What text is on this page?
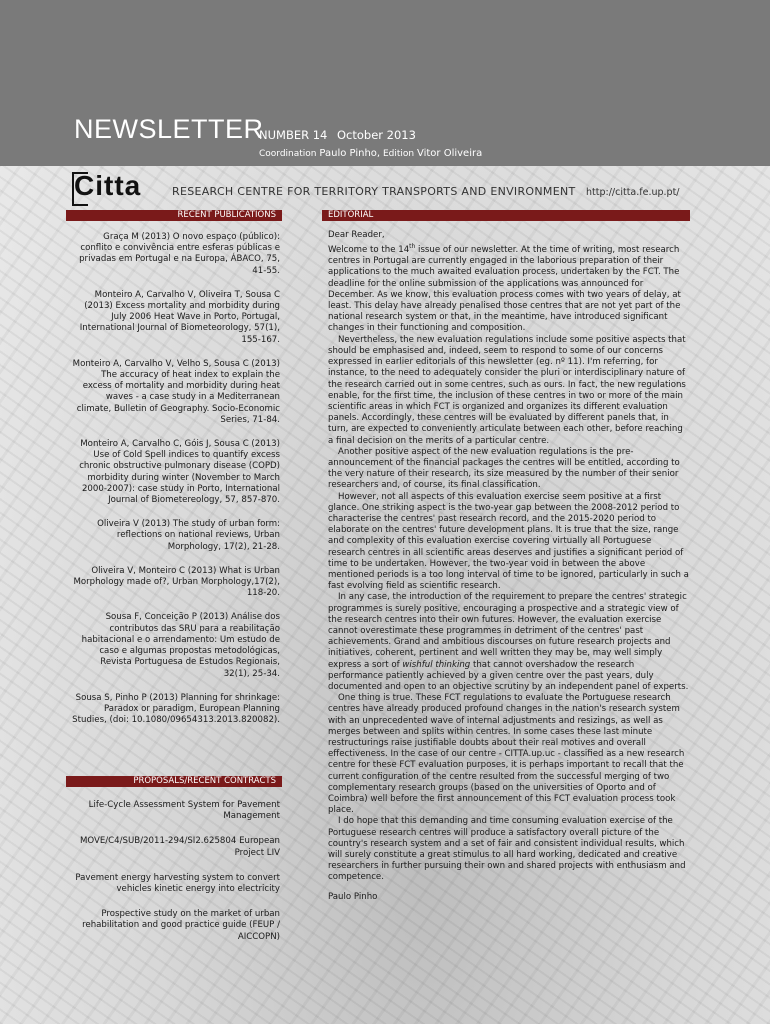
NEWSLETTER
NUMBER 14 October 2013
Coordination Paulo Pinho, Edition Vitor Oliveira
Citta	RESEARCH CENTRE FOR TERRITORY TRANSPORTS AND ENVIRONMENT http://citta.fe.up.pt/
RECENT PUBLICATIONS	EDITORIAL

Graça M (2013) O novo espaço (público): conflito e convivência entre esferas públicas e privadas em Portugal e na Europa, ÁBACO, 75, 41-55.

Monteiro A, Carvalho V, Oliveira T, Sousa C (2013) Excess mortality and morbidity during July 2006 Heat Wave in Porto, Portugal, International Journal of Biometeorology, 57(1), 155-167.

Monteiro A, Carvalho V, Velho S, Sousa C (2013) The accuracy of heat index to explain the excess of mortality and morbidity during heat waves - a case study in a Mediterranean climate, Bulletin of Geography. Socio-Economic Series, 71-84.

Monteiro A, Carvalho C, Góis J, Sousa C (2013) Use of Cold Spell indices to quantify excess chronic obstructive pulmonary disease (COPD) morbidity during winter (November to March 2000-2007): case study in Porto, International Journal of Biometereology, 57, 857-870.

Oliveira V (2013) The study of urban form: reflections on national reviews, Urban Morphology, 17(2), 21-28.

Oliveira V, Monteiro C (2013) What is Urban Morphology made of?, Urban Morphology,17(2), 118-20.

Sousa F, Conceição P (2013) Análise dos contributos das SRU para a reabilitação habitacional e o arrendamento: Um estudo de caso e algumas propostas metodológicas, Revista Portuguesa de Estudos Regionais, 32(1), 25-34.

Sousa S, Pinho P (2013) Planning for shrinkage: Paradox or paradigm, European Planning Studies, (doi: 10.1080/09654313.2013.820082).

PROPOSALS/RECENT CONTRACTS

Life-Cycle Assessment System for Pavement Management

MOVE/C4/SUB/2011-294/SI2.625804 European Project LIV

Pavement energy harvesting system to convert vehicles kinetic energy into electricity

Prospective study on the market of urban rehabilitation and good practice guide (FEUP / AICCOPN)

Dear Reader,

Welcome to the 14th issue of our newsletter. At the time of writing, most research centres in Portugal are currently engaged in the laborious preparation of their applications to the much awaited evaluation process, undertaken by the FCT. The deadline for the online submission of the applications was announced for December. As we know, this evaluation process comes with two years of delay, at least. This delay have already penalised those centres that are not yet part of the national research system or that, in the meantime, have introduced significant changes in their functioning and composition.

Nevertheless, the new evaluation regulations include some positive aspects that should be emphasised and, indeed, seem to respond to some of our concerns expressed in earlier editorials of this newsletter (eg. nº 11). I'm referring, for instance, to the need to adequately consider the pluri or interdisciplinary nature of the research carried out in some centres, such as ours. In fact, the new regulations enable, for the first time, the inclusion of these centres in two or more of the main scientific areas in which FCT is organized and organizes its different evaluation panels. Accordingly, these centres will be evaluated by different panels that, in turn, are expected to conveniently articulate between each other, before reaching a final decision on the merits of a particular centre.

Another positive aspect of the new evaluation regulations is the pre-announcement of the financial packages the centres will be entitled, according to the very nature of their research, its size measured by the number of their senior researchers and, of course, its final classification.

However, not all aspects of this evaluation exercise seem positive at a first glance. One striking aspect is the two-year gap between the 2008-2012 period to characterise the centres' past research record, and the 2015-2020 period to elaborate on the centres' future development plans. It is true that the size, range and complexity of this evaluation exercise covering virtually all Portuguese research centres in all scientific areas deserves and justifies a significant period of time to be undertaken. However, the two-year void in between the above mentioned periods is a too long interval of time to be ignored, particularly in such a fast evolving field as scientific research.

In any case, the introduction of the requirement to prepare the centres' strategic programmes is surely positive, encouraging a prospective and a strategic view of the research centres into their own futures. However, the evaluation exercise cannot overestimate these programmes in detriment of the centres' past achievements. Grand and ambitious discourses on future research projects and initiatives, coherent, pertinent and well written they may be, may well simply express a sort of wishful thinking that cannot overshadow the research performance patiently achieved by a given centre over the past years, duly documented and open to an objective scrutiny by an independent panel of experts.

One thing is true. These FCT regulations to evaluate the Portuguese research centres have already produced profound changes in the nation's research system with an unprecedented wave of internal adjustments and resizings, as well as merges between and splits within centres. In some cases these last minute restructurings raise justifiable doubts about their real motives and overall effectiveness. In the case of our centre - CITTA.up.uc - classified as a new research centre for these FCT evaluation purposes, it is perhaps important to recall that the current configuration of the centre resulted from the successful merging of two complementary research groups (based on the universities of Oporto and of Coimbra) well before the first announcement of this FCT evaluation process took place.

I do hope that this demanding and time consuming evaluation exercise of the Portuguese research centres will produce a satisfactory overall picture of the country's research system and a set of fair and consistent individual results, which will surely constitute a great stimulus to all hard working, dedicated and creative researchers in further pursuing their own and shared projects with enthusiasm and competence.

Paulo Pinho
